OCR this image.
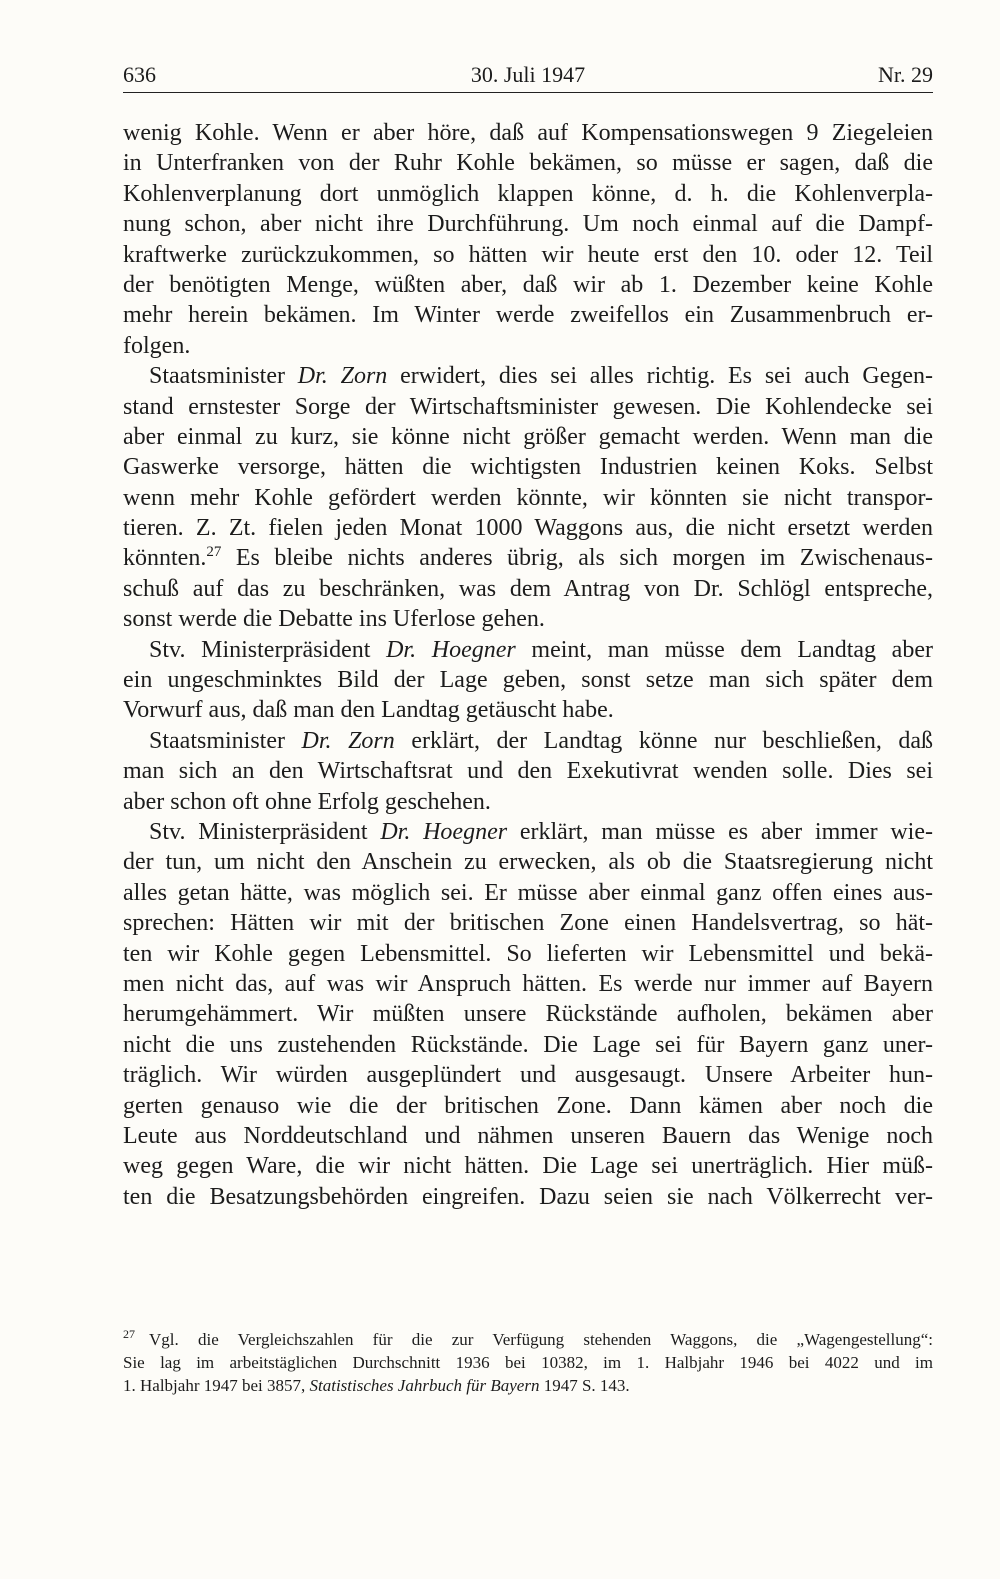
636	30. Juli 1947	Nr. 29
wenig Kohle. Wenn er aber höre, daß auf Kompensationswegen 9 Ziegeleien
in Unterfranken von der Ruhr Kohle bekämen, so müsse er sagen, daß die
Kohlenverplanung dort unmöglich klappen könne, d. h. die Kohlenverpla-
nung schon, aber nicht ihre Durchführung. Um noch einmal auf die Dampf-
kraftwerke zurückzukommen, so hätten wir heute erst den 10. oder 12. Teil
der benötigten Menge, wüßten aber, daß wir ab 1. Dezember keine Kohle
mehr herein bekämen. Im Winter werde zweifellos ein Zusammenbruch er-
folgen.
Staatsminister Dr. Zorn erwidert, dies sei alles richtig. Es sei auch Gegen-
stand ernstester Sorge der Wirtschaftsminister gewesen. Die Kohlendecke sei
aber einmal zu kurz, sie könne nicht größer gemacht werden. Wenn man die
Gaswerke versorge, hätten die wichtigsten Industrien keinen Koks. Selbst
wenn mehr Kohle gefördert werden könnte, wir könnten sie nicht transpor-
tieren. Z. Zt. fielen jeden Monat 1000 Waggons aus, die nicht ersetzt werden
könnten.$^{27}$ Es bleibe nichts anderes übrig, als sich morgen im Zwischenaus-
schuß auf das zu beschränken, was dem Antrag von Dr. Schlögl entspreche,
sonst werde die Debatte ins Uferlose gehen.
Stv. Ministerpräsident Dr. Hoegner meint, man müsse dem Landtag aber
ein ungeschminktes Bild der Lage geben, sonst setze man sich später dem
Vorwurf aus, daß man den Landtag getäuscht habe.
Staatsminister Dr. Zorn erklärt, der Landtag könne nur beschließen, daß
man sich an den Wirtschaftsrat und den Exekutivrat wenden solle. Dies sei
aber schon oft ohne Erfolg geschehen.
Stv. Ministerpräsident Dr. Hoegner erklärt, man müsse es aber immer wie-
der tun, um nicht den Anschein zu erwecken, als ob die Staatsregierung nicht
alles getan hätte, was möglich sei. Er müsse aber einmal ganz offen eines aus-
sprechen: Hätten wir mit der britischen Zone einen Handelsvertrag, so hät-
ten wir Kohle gegen Lebensmittel. So lieferten wir Lebensmittel und bekä-
men nicht das, auf was wir Anspruch hätten. Es werde nur immer auf Bayern
herumgehämmert. Wir müßten unsere Rückstände aufholen, bekämen aber
nicht die uns zustehenden Rückstände. Die Lage sei für Bayern ganz uner-
träglich. Wir würden ausgeplündert und ausgesaugt. Unsere Arbeiter hun-
gerten genauso wie die der britischen Zone. Dann kämen aber noch die
Leute aus Norddeutschland und nähmen unseren Bauern das Wenige noch
weg gegen Ware, die wir nicht hätten. Die Lage sei unerträglich. Hier müß-
ten die Besatzungsbehörden eingreifen. Dazu seien sie nach Völkerrecht ver-
$^{27}$ Vgl. die Vergleichszahlen für die zur Verfügung stehenden Waggons, die „Wagengestellung“:
Sie lag im arbeitstäglichen Durchschnitt 1936 bei 10382, im 1. Halbjahr 1946 bei 4022 und im
1. Halbjahr 1947 bei 3857, Statistisches Jahrbuch für Bayern 1947 S. 143.
